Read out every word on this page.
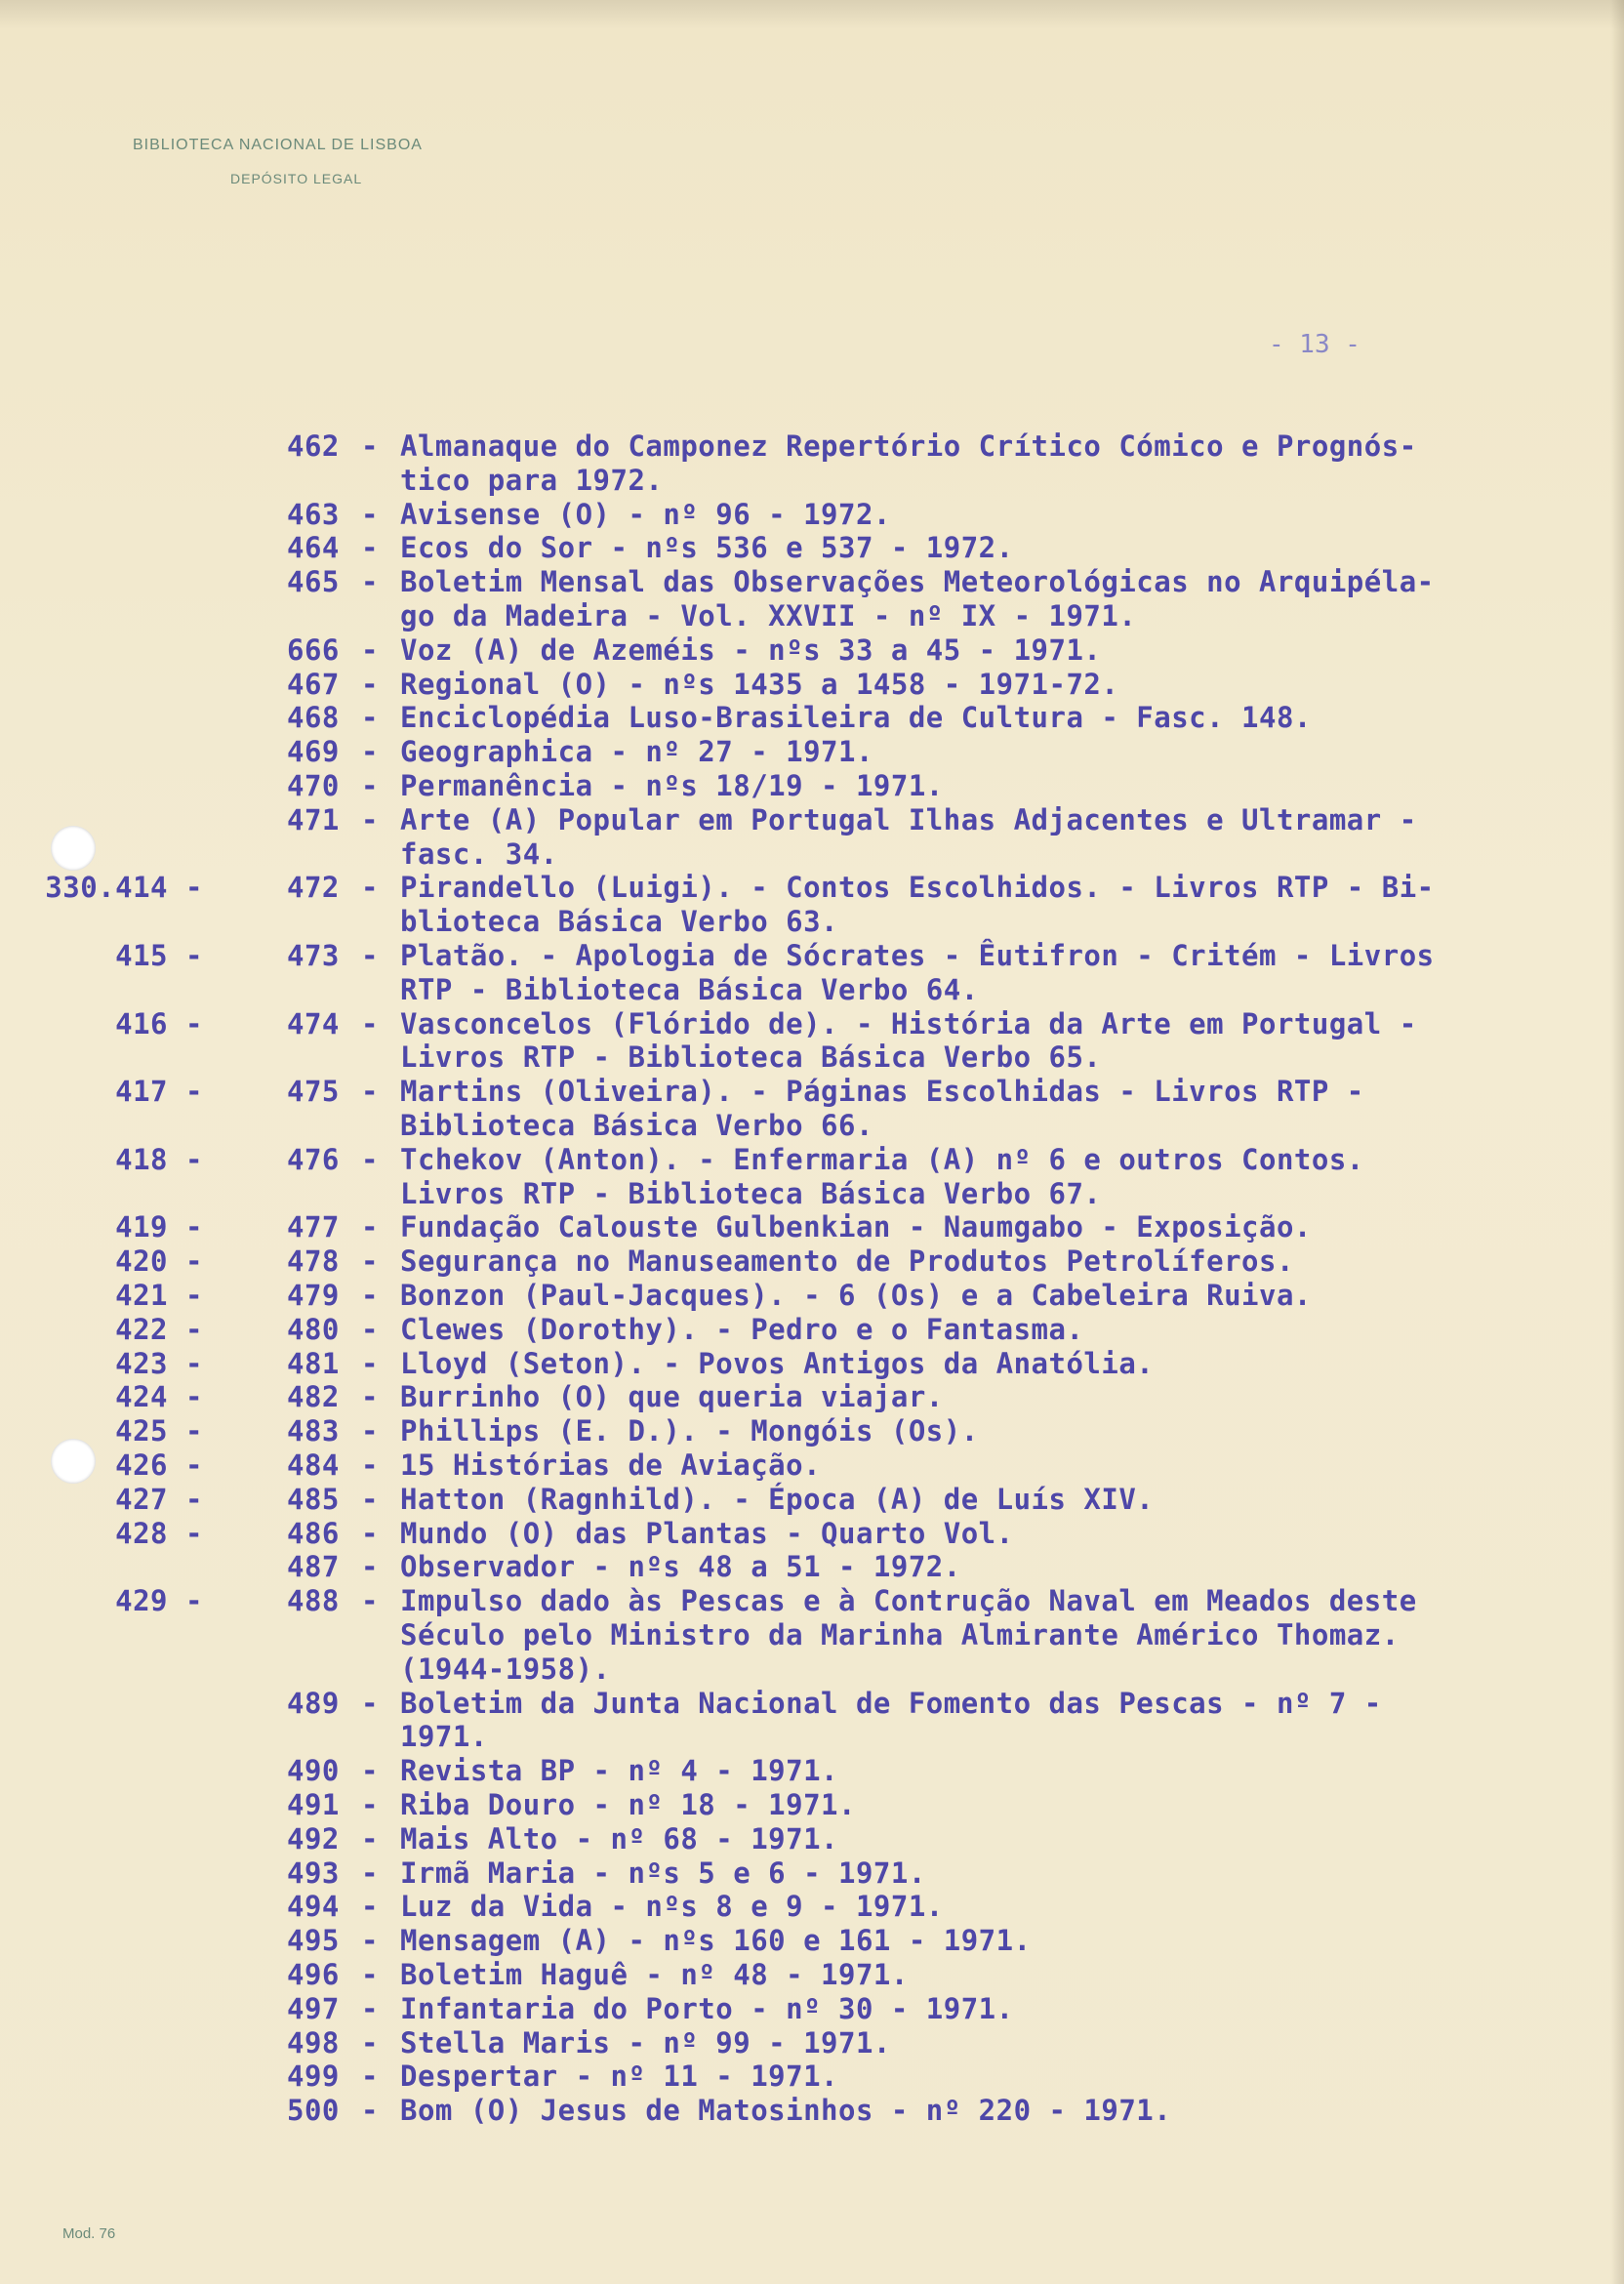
BIBLIOTECA NACIONAL DE LISBOA
DEPÓSITO LEGAL
- 13 -
462 - Almanaque do Camponez Repertório Crítico Cómico e Prognós-
tico para 1972.
463 - Avisense (O) - nº 96 - 1972.
464 - Ecos do Sor - nºs 536 e 537 - 1972.
465 - Boletim Mensal das Observações Meteorológicas no Arquipéla-
go da Madeira - Vol. XXVII - nº IX - 1971.
666 - Voz (A) de Azeméis - nºs 33 a 45 - 1971.
467 - Regional (O) - nºs 1435 a 1458 - 1971-72.
468 - Enciclopédia Luso-Brasileira de Cultura - Fasc. 148.
469 - Geographica - nº 27 - 1971.
470 - Permanência - nºs 18/19 - 1971.
471 - Arte (A) Popular em Portugal Ilhas Adjacentes e Ultramar -
fasc. 34.
330.414 -	472 - Pirandello (Luigi). - Contos Escolhidos. - Livros RTP - Bi-
blioteca Básica Verbo 63.
415 -	473 - Platão. - Apologia de Sócrates - Êutifron - Critém - Livros
RTP - Biblioteca Básica Verbo 64.
416 -	474 - Vasconcelos (Flórido de). - História da Arte em Portugal -
Livros RTP - Biblioteca Básica Verbo 65.
417 -	475 - Martins (Oliveira). - Páginas Escolhidas - Livros RTP -
Biblioteca Básica Verbo 66.
418 -	476 - Tchekov (Anton). - Enfermaria (A) nº 6 e outros Contos.
Livros RTP - Biblioteca Básica Verbo 67.
419 -	477 - Fundação Calouste Gulbenkian - Naumgabo - Exposição.
420 -	478 - Segurança no Manuseamento de Produtos Petrolíferos.
421 -	479 - Bonzon (Paul-Jacques). - 6 (Os) e a Cabeleira Ruiva.
422 -	480 - Clewes (Dorothy). - Pedro e o Fantasma.
423 -	481 - Lloyd (Seton). - Povos Antigos da Anatólia.
424 -	482 - Burrinho (O) que queria viajar.
425 -	483 - Phillips (E. D.). - Mongóis (Os).
426 -	484 - 15 Histórias de Aviação.
427 -	485 - Hatton (Ragnhild). - Época (A) de Luís XIV.
428 -	486 - Mundo (O) das Plantas - Quarto Vol.
487 - Observador - nºs 48 a 51 - 1972.
429 -	488 - Impulso dado às Pescas e à Contrução Naval em Meados deste
Século pelo Ministro da Marinha Almirante Américo Thomaz.
(1944-1958).
489 - Boletim da Junta Nacional de Fomento das Pescas - nº 7 -
1971.
490 - Revista BP - nº 4 - 1971.
491 - Riba Douro - nº 18 - 1971.
492 - Mais Alto - nº 68 - 1971.
493 - Irmã Maria - nºs 5 e 6 - 1971.
494 - Luz da Vida - nºs 8 e 9 - 1971.
495 - Mensagem (A) - nºs 160 e 161 - 1971.
496 - Boletim Haguê - nº 48 - 1971.
497 - Infantaria do Porto - nº 30 - 1971.
498 - Stella Maris - nº 99 - 1971.
499 - Despertar - nº 11 - 1971.
500 - Bom (O) Jesus de Matosinhos - nº 220 - 1971.
Mod. 76
